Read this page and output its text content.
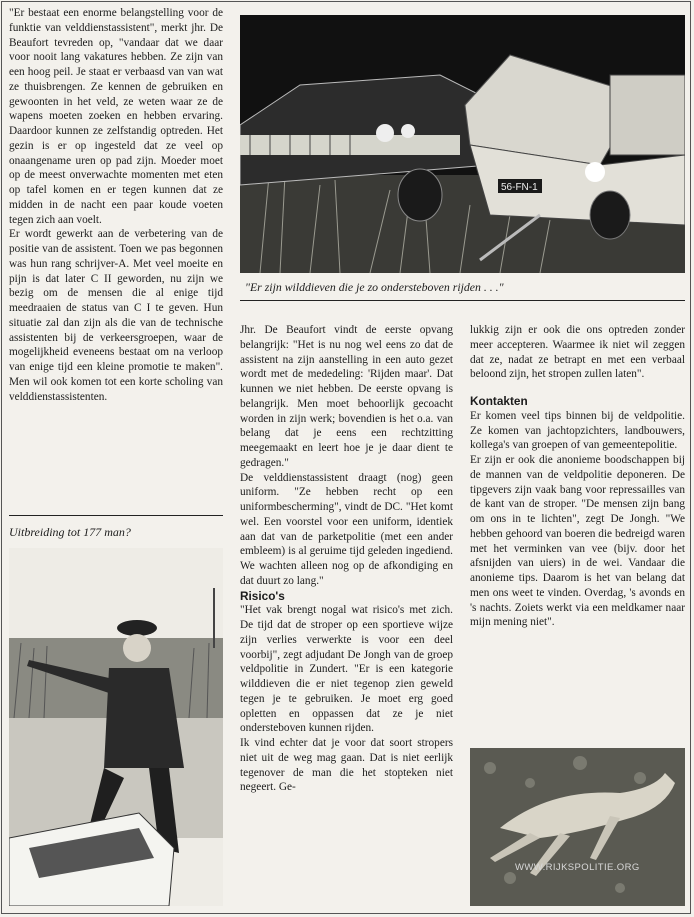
"Er bestaat een enorme belangstelling voor de funktie van velddienstassistent", merkt jhr. De Beaufort tevreden op, "vandaar dat we daar voor nooit lang vakatures hebben. Ze zijn van een hoog peil. Je staat er verbaasd van van wat ze thuisbrengen. Ze kennen de gebruiken en gewoonten in het veld, ze weten waar ze de wapens moeten zoeken en hebben ervaring. Daardoor kunnen ze zelfstandig optreden. Het gezin is er op ingesteld dat ze veel op onaangename uren op pad zijn. Moeder moet op de meest onverwachte momenten met eten op tafel komen en er tegen kunnen dat ze midden in de nacht een paar koude voeten tegen zich aan voelt.

Er wordt gewerkt aan de verbetering van de positie van de assistent. Toen we pas begonnen was hun rang schrijver-A. Met veel moeite en pijn is dat later C II geworden, nu zijn we bezig om de mensen die al enige tijd meedraaien de status van C I te geven. Hun situatie zal dan zijn als die van de technische assistenten bij de verkeersgroepen, waar de mogelijkheid eveneens bestaat om na verloop van enige tijd een kleine promotie te maken". Men wil ook komen tot een korte scholing van velddienstassistenten.

Uitbreiding tot 177 man?
56-FN-1
"Er zijn wilddieven die je zo ondersteboven rijden . . ."

Jhr. De Beaufort vindt de eerste opvang belangrijk: "Het is nu nog wel eens zo dat de assistent na zijn aanstelling in een auto gezet wordt met de mededeling: 'Rijden maar'. Dat kunnen we niet hebben. De eerste opvang is belangrijk. Men moet behoorlijk gecoacht worden in zijn werk; bovendien is het o.a. van belang dat je eens een rechtzitting meegemaakt en leert hoe je je daar dient te gedragen."

De velddienstassistent draagt (nog) geen uniform. "Ze hebben recht op een uniformbescherming", vindt de DC. "Het komt wel. Een voorstel voor een uniform, identiek aan dat van de parketpolitie (met een ander embleem) is al geruime tijd geleden ingediend. We wachten alleen nog op de afkondiging en dat duurt zo lang."

Risico's

"Het vak brengt nogal wat risico's met zich. De tijd dat de stroper op een sportieve wijze zijn verlies verwerkte is voor een deel voorbij", zegt adjudant De Jongh van de groep veldpolitie in Zundert. "Er is een kategorie wilddieven die er niet tegenop zien geweld tegen je te gebruiken. Je moet erg goed opletten en oppassen dat ze je niet ondersteboven kunnen rijden.

Ik vind echter dat je voor dat soort stropers niet uit de weg mag gaan. Dat is niet eerlijk tegenover de man die het stopteken niet negeert. Ge-

lukkig zijn er ook die ons optreden zonder meer accepteren. Waarmee ik niet wil zeggen dat ze, nadat ze betrapt en met een verbaal beloond zijn, het stropen zullen laten".

Kontakten

Er komen veel tips binnen bij de veldpolitie. Ze komen van jachtopzichters, landbouwers, kollega's van groepen of van gemeentepolitie.

Er zijn er ook die anonieme boodschappen bij de mannen van de veldpolitie deponeren. De tipgevers zijn vaak bang voor repressailles van de kant van de stroper. "De mensen zijn bang om ons in te lichten", zegt De Jongh. "We hebben gehoord van boeren die bedreigd waren met het verminken van vee (bijv. door het afsnijden van uiers) in de wei. Vandaar die anonieme tips. Daarom is het van belang dat men ons weet te vinden. Overdag, 's avonds en 's nachts. Zoiets werkt via een meldkamer naar mijn mening niet".

WWW.RIJKSPOLITIE.ORG
